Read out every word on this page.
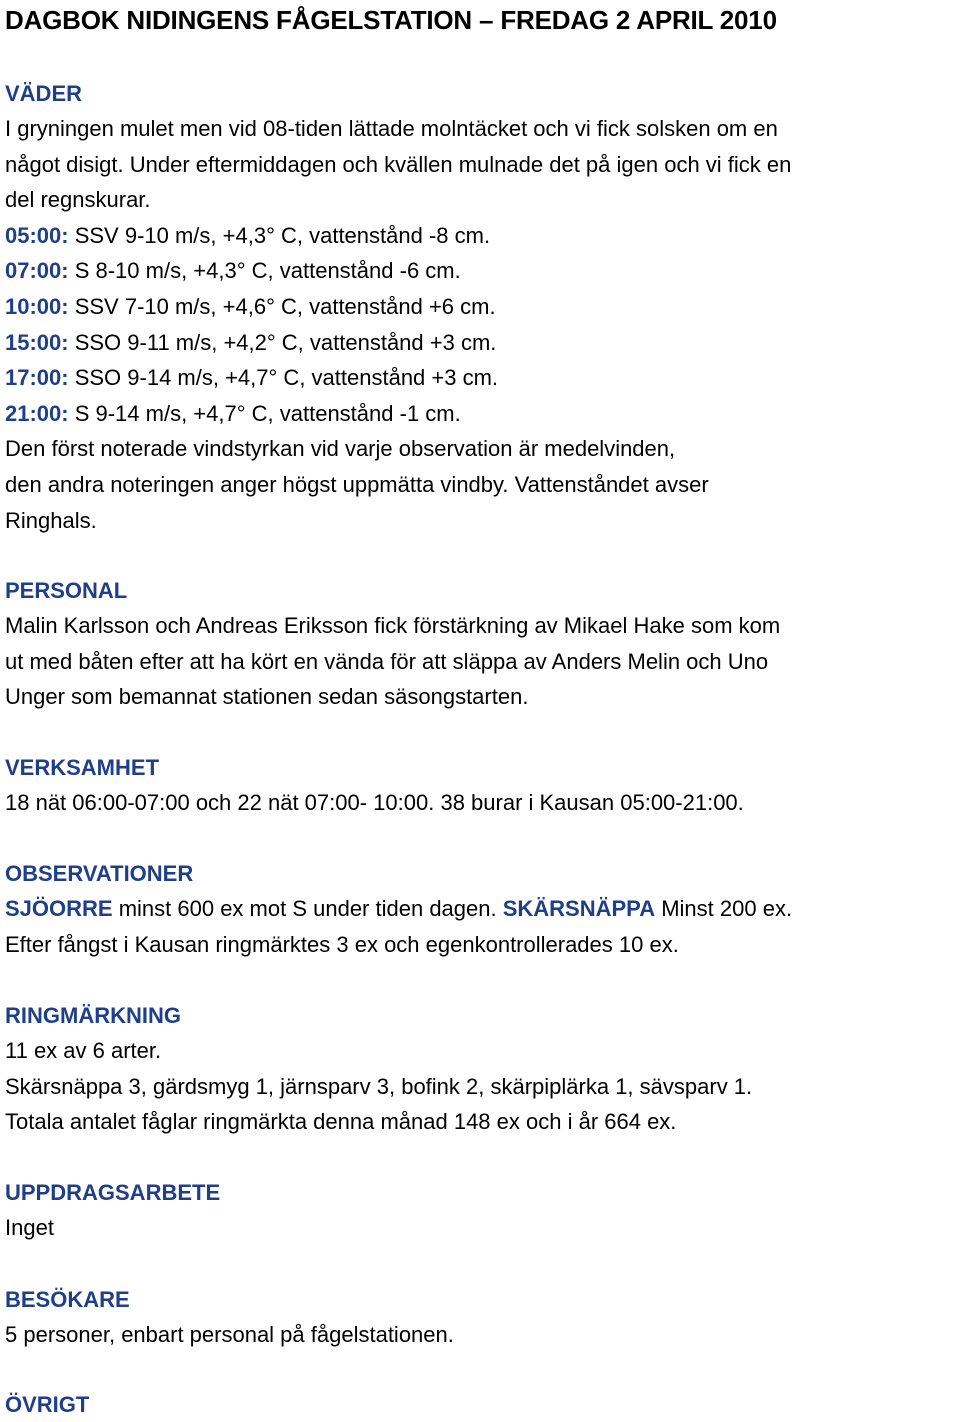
DAGBOK NIDINGENS FÅGELSTATION – FREDAG 2 APRIL 2010
VÄDER
I gryningen mulet men vid 08-tiden lättade molntäcket och vi fick solsken om en
något disigt. Under eftermiddagen och kvällen mulnade det på igen och vi fick en
del regnskurar.
05:00: SSV 9-10 m/s, +4,3° C, vattenstånd -8 cm.
07:00: S 8-10 m/s, +4,3° C, vattenstånd -6 cm.
10:00: SSV 7-10 m/s, +4,6° C, vattenstånd +6 cm.
15:00: SSO 9-11 m/s, +4,2° C, vattenstånd +3 cm.
17:00: SSO 9-14 m/s, +4,7° C, vattenstånd +3 cm.
21:00: S 9-14 m/s, +4,7° C, vattenstånd -1 cm.
Den först noterade vindstyrkan vid varje observation är medelvinden,
den andra noteringen anger högst uppmätta vindby. Vattenståndet avser
Ringhals.
PERSONAL
Malin Karlsson och Andreas Eriksson fick förstärkning av Mikael Hake som kom
ut med båten efter att ha kört en vända för att släppa av Anders Melin och Uno
Unger som bemannat stationen sedan säsongstarten.
VERKSAMHET
18 nät 06:00-07:00 och 22 nät 07:00- 10:00. 38 burar i Kausan 05:00-21:00.
OBSERVATIONER
SJÖORRE minst 600 ex mot S under tiden dagen. SKÄRSNÄPPA Minst 200 ex.
Efter fångst i Kausan ringmärktes 3 ex och egenkontrollerades 10 ex.
RINGMÄRKNING
11 ex av 6 arter.
Skärsnäppa 3, gärdsmyg 1, järnsparv 3, bofink 2, skärpiplärka 1, sävsparv 1.
Totala antalet fåglar ringmärkta denna månad 148 ex och i år 664 ex.
UPPDRAGSARBETE
Inget
BESÖKARE
5 personer, enbart personal på fågelstationen.
ÖVRIGT
